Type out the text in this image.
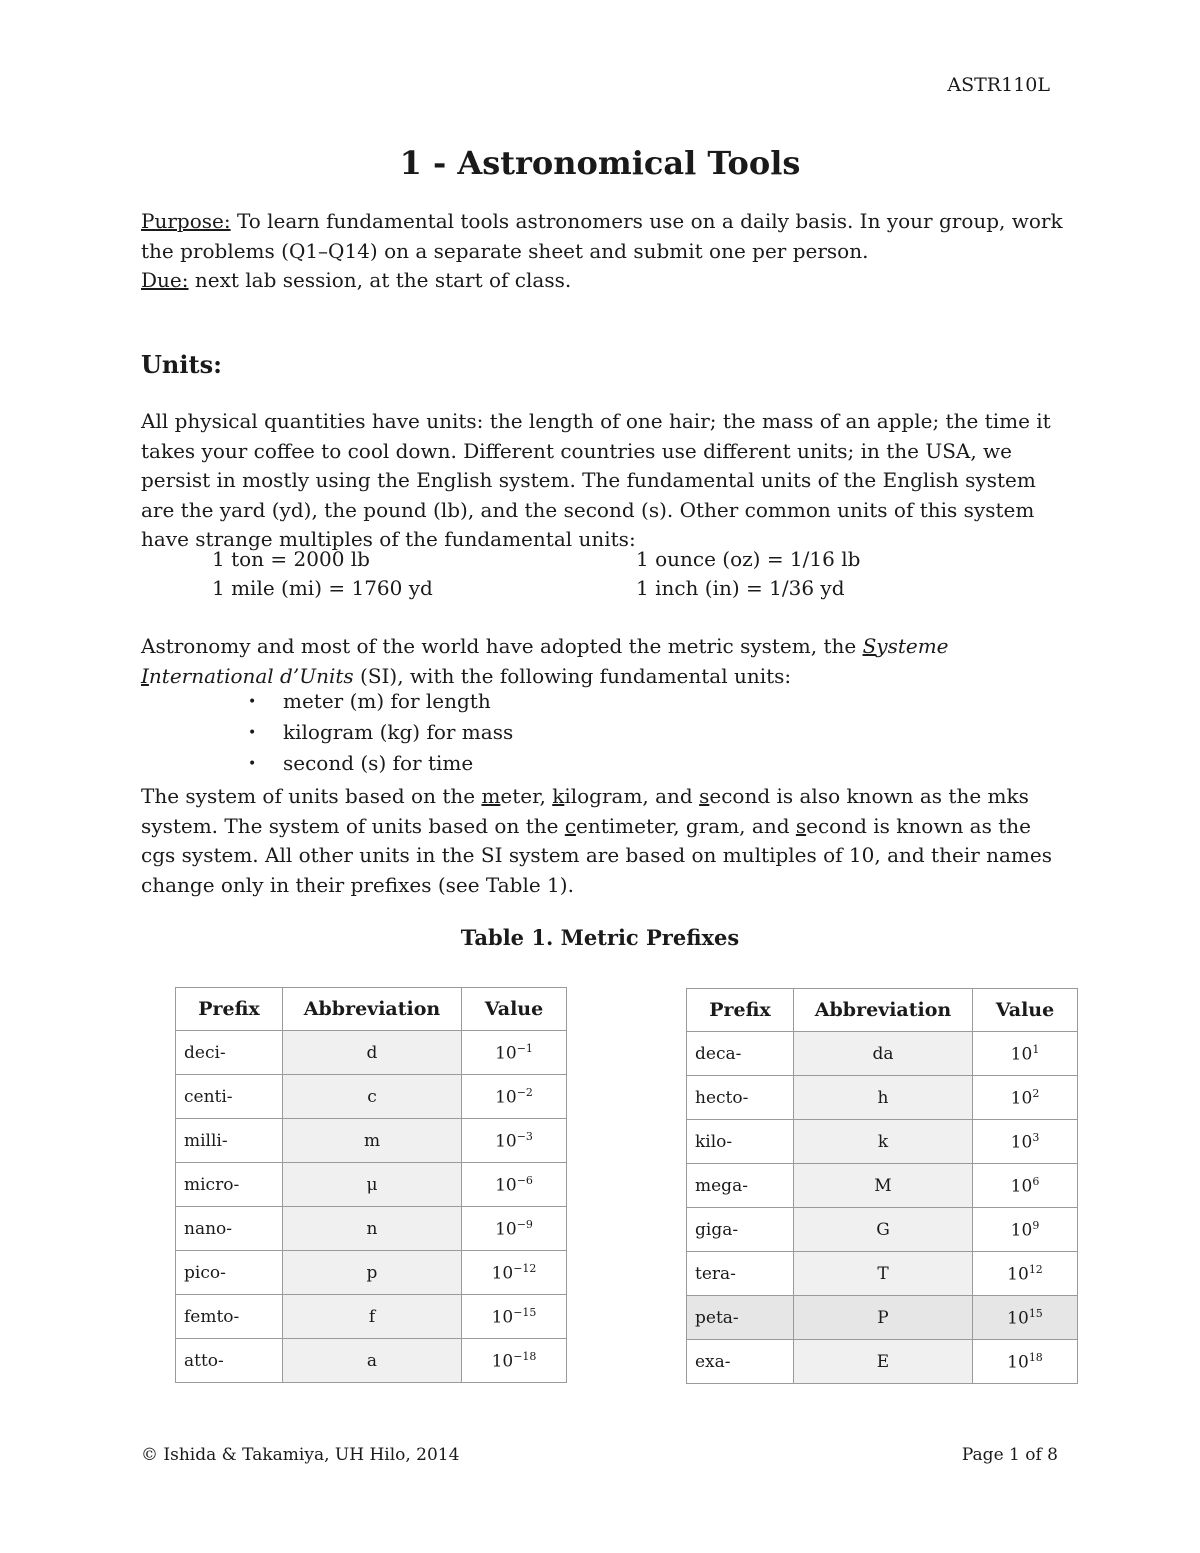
ASTR110L
1 - Astronomical Tools
Purpose: To learn fundamental tools astronomers use on a daily basis. In your group, work the problems (Q1–Q14) on a separate sheet and submit one per person.
Due: next lab session, at the start of class.
Units:
All physical quantities have units: the length of one hair; the mass of an apple; the time it takes your coffee to cool down. Different countries use different units; in the USA, we persist in mostly using the English system. The fundamental units of the English system are the yard (yd), the pound (lb), and the second (s). Other common units of this system have strange multiples of the fundamental units:
1 ton = 2000 lb	1 ounce (oz) = 1/16 lb
1 mile (mi) = 1760 yd	1 inch (in) = 1/36 yd
Astronomy and most of the world have adopted the metric system, the Systeme
International d’Units (SI), with the following fundamental units:
• meter (m) for length
• kilogram (kg) for mass
• second (s) for time
The system of units based on the meter, kilogram, and second is also known as the mks system. The system of units based on the centimeter, gram, and second is known as the cgs system. All other units in the SI system are based on multiples of 10, and their names change only in their prefixes (see Table 1).
Table 1. Metric Prefixes
Prefix	Abbreviation	Value
deci-	d	$10^{-1}$
centi-	c	$10^{-2}$
milli-	m	$10^{-3}$
micro-	μ	$10^{-6}$
nano-	n	$10^{-9}$
pico-	p	$10^{-12}$
femto-	f	$10^{-15}$
atto-	a	$10^{-18}$
Prefix	Abbreviation	Value
deca-	da	$10^1$
hecto-	h	$10^2$
kilo-	k	$10^3$
mega-	M	$10^6$
giga-	G	$10^9$
tera-	T	$10^{12}$
peta-	P	$10^{15}$
exa-	E	$10^{18}$
© Ishida & Takamiya, UH Hilo, 2014	Page 1 of 8
